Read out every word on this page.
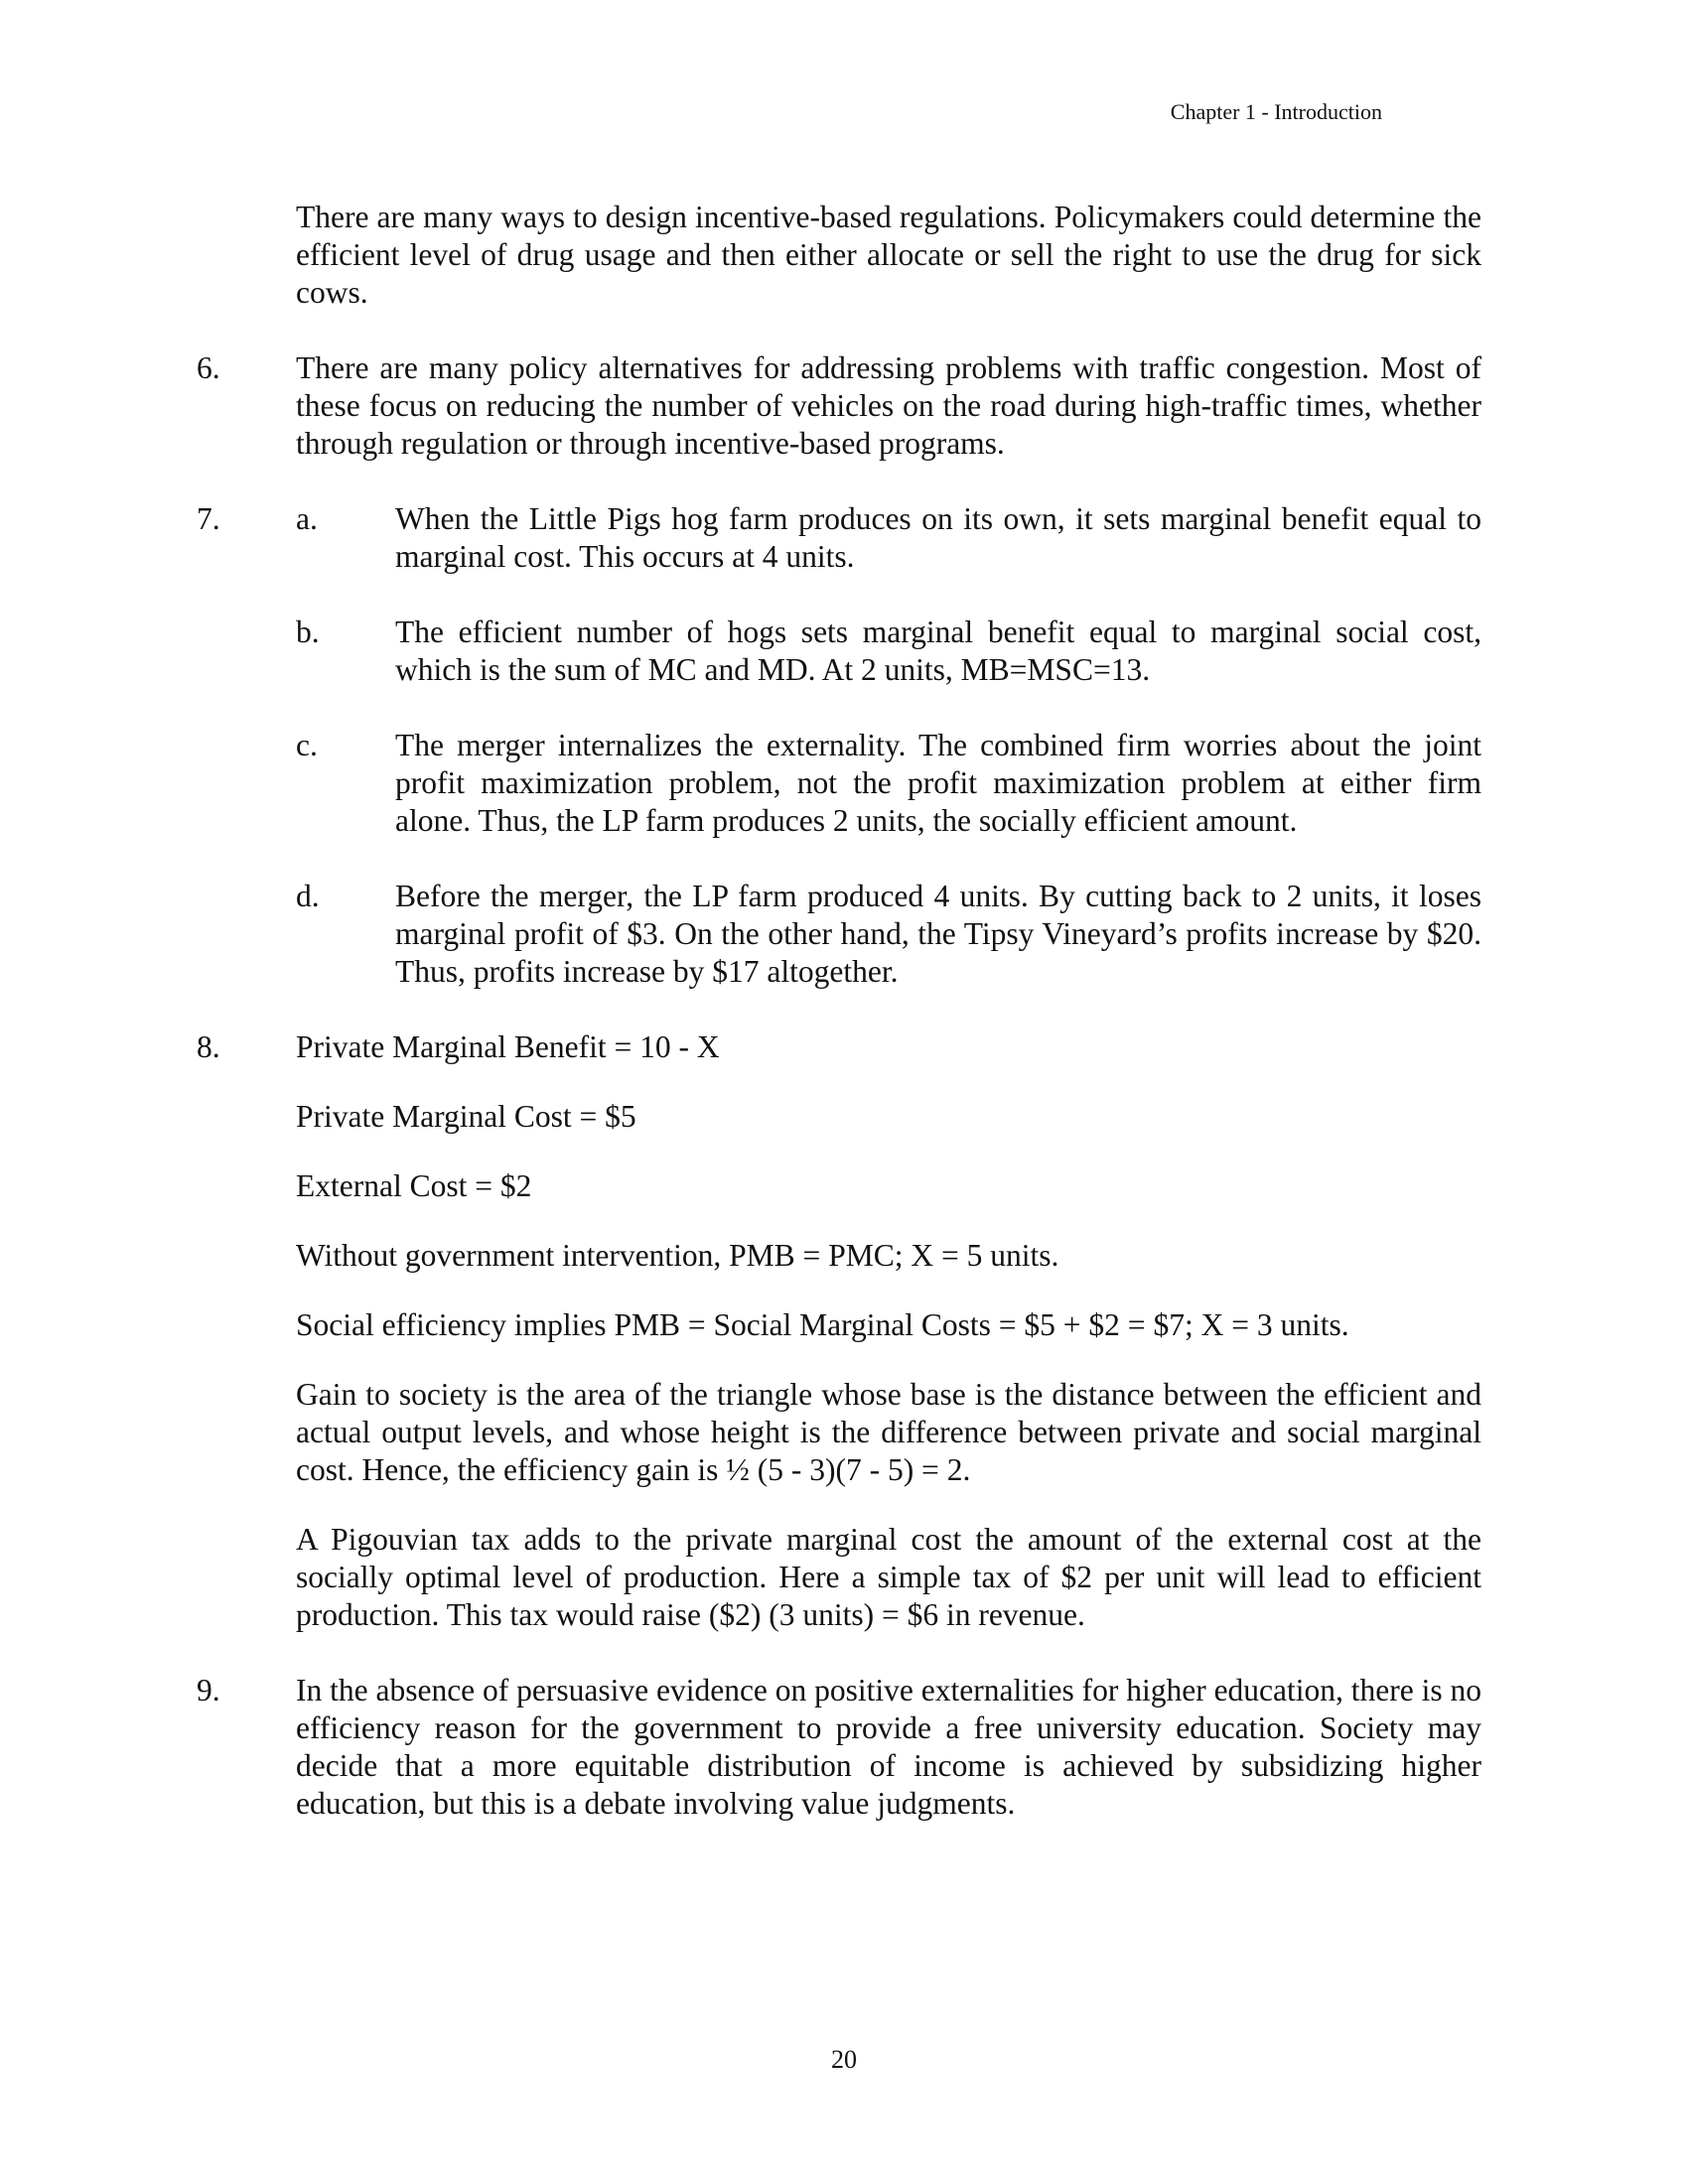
Chapter 1 - Introduction

There are many ways to design incentive-based regulations. Policymakers could determine the efficient level of drug usage and then either allocate or sell the right to use the drug for sick cows.

6. There are many policy alternatives for addressing problems with traffic congestion. Most of these focus on reducing the number of vehicles on the road during high-traffic times, whether through regulation or through incentive-based programs.

7. a. When the Little Pigs hog farm produces on its own, it sets marginal benefit equal to marginal cost. This occurs at 4 units.

b. The efficient number of hogs sets marginal benefit equal to marginal social cost, which is the sum of MC and MD. At 2 units, MB=MSC=13.

c. The merger internalizes the externality. The combined firm worries about the joint profit maximization problem, not the profit maximization problem at either firm alone. Thus, the LP farm produces 2 units, the socially efficient amount.

d. Before the merger, the LP farm produced 4 units. By cutting back to 2 units, it loses marginal profit of $3. On the other hand, the Tipsy Vineyard’s profits increase by $20. Thus, profits increase by $17 altogether.

8. Private Marginal Benefit = 10 - X

Private Marginal Cost = $5

External Cost = $2

Without government intervention, PMB = PMC; X = 5 units.

Social efficiency implies PMB = Social Marginal Costs = $5 + $2 = $7; X = 3 units.

Gain to society is the area of the triangle whose base is the distance between the efficient and actual output levels, and whose height is the difference between private and social marginal cost. Hence, the efficiency gain is ½ (5 - 3)(7 - 5) = 2.

A Pigouvian tax adds to the private marginal cost the amount of the external cost at the socially optimal level of production. Here a simple tax of $2 per unit will lead to efficient production. This tax would raise ($2) (3 units) = $6 in revenue.

9. In the absence of persuasive evidence on positive externalities for higher education, there is no efficiency reason for the government to provide a free university education. Society may decide that a more equitable distribution of income is achieved by subsidizing higher education, but this is a debate involving value judgments.

20
